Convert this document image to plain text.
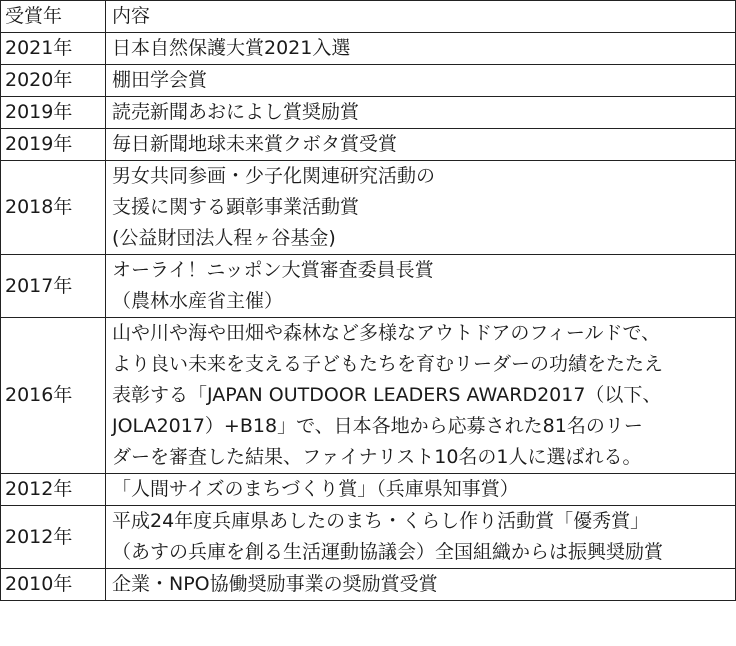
受賞年	内容
2021年	日本自然保護大賞2021入選

2020年	棚田学会賞

2019年	読売新聞あおによし賞奨励賞

2019年	毎日新聞地球未来賞クボタ賞受賞

2018年	男女共同参画・少子化関連研究活動の
支援に関する顕彰事業活動賞
(公益財団法人程ヶ谷基金)

2017年	オーライ！ニッポン大賞審査委員長賞
（農林水産省主催）

2016年	山や川や海や田畑や森林など多様なアウトドアのフィールドで、
より良い未来を支える子どもたちを育むリーダーの功績をたたえ
表彰する「JAPAN OUTDOOR LEADERS AWARD2017（以下、
JOLA2017）+B18」で、日本各地から応募された81名のリー
ダーを審査した結果、ファイナリスト10名の1人に選ばれる。

2012年	「人間サイズのまちづくり賞」（兵庫県知事賞）

2012年	平成24年度兵庫県あしたのまち・くらし作り活動賞「優秀賞」
（あすの兵庫を創る生活運動協議会）全国組織からは振興奨励賞

2010年	企業・NPO協働奨励事業の奨励賞受賞
